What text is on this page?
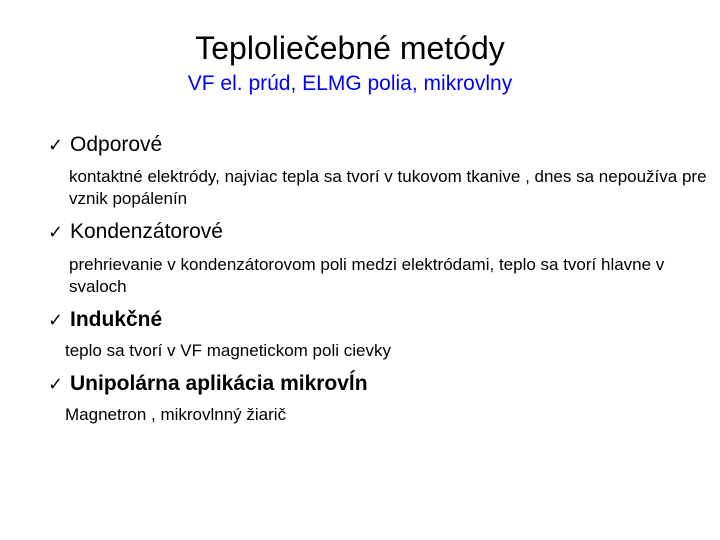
Teploliečebné metódy

VF el. prúd, ELMG polia, mikrovlny

✓ Odporové

kontaktné elektródy, najviac tepla sa tvorí v tukovom tkanive , dnes sa nepoužíva pre vznik popálenín

✓ Kondenzátorové

prehrievanie v kondenzátorovom poli medzi elektródami, teplo sa tvorí hlavne v svaloch

✓ Indukčné

teplo sa tvorí v VF magnetickom poli cievky

✓ Unipolárna aplikácia mikrovĺn

Magnetron , mikrovlnný žiarič
